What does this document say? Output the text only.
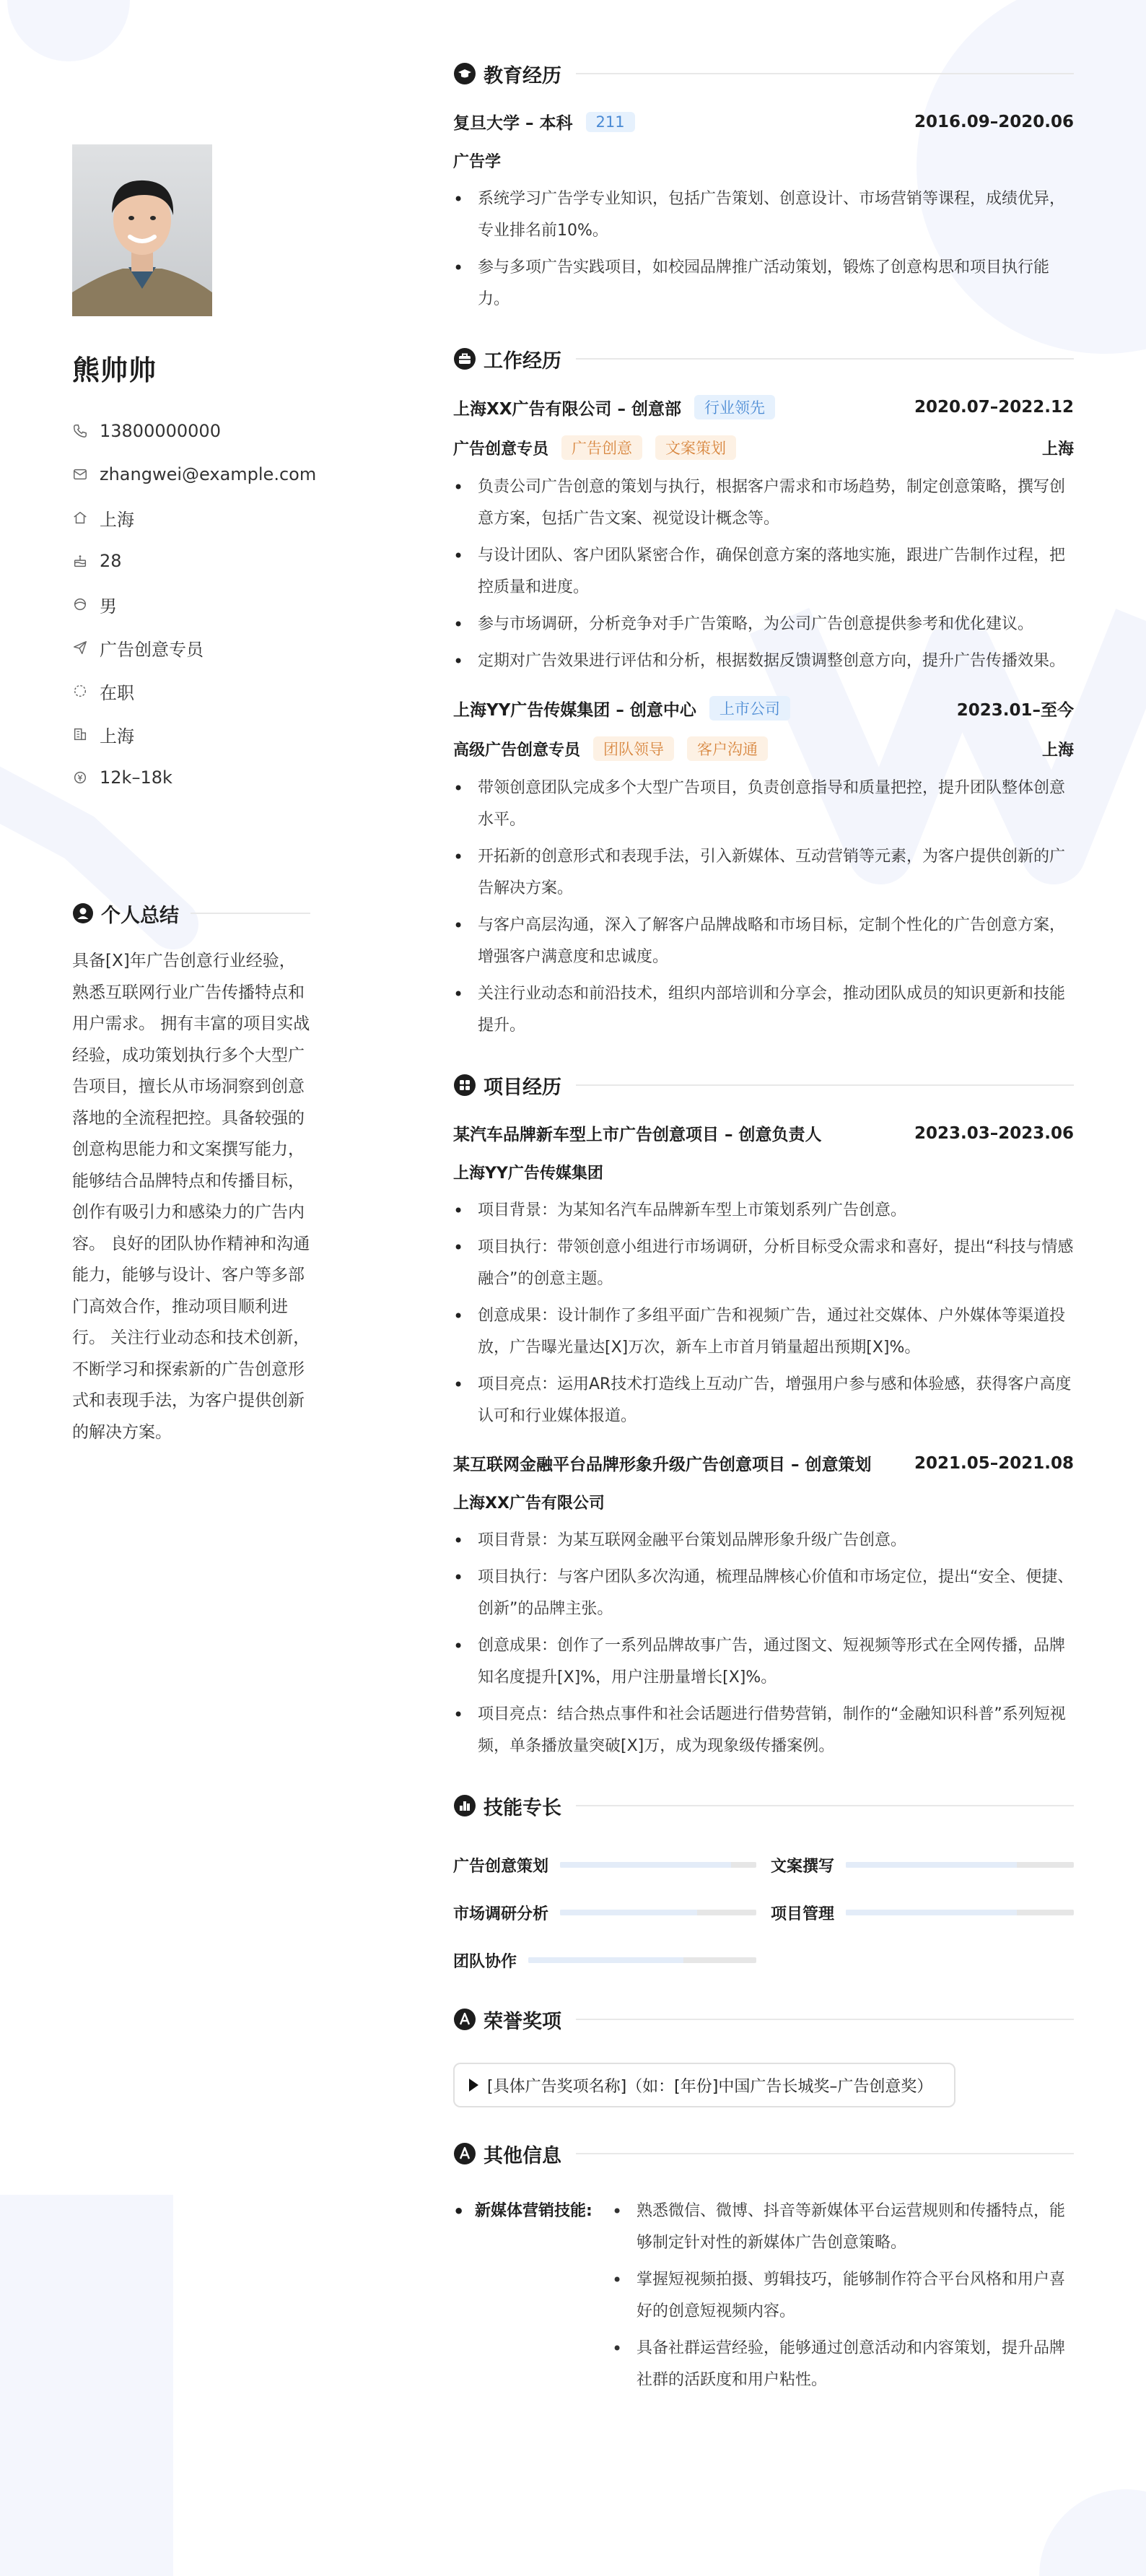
熊帅帅
13800000000
zhangwei@example.com
上海
28
男
广告创意专员
在职
上海
12k–18k
个人总结
具备[X]年广告创意行业经验，熟悉互联网行业广告传播特点和用户需求。 拥有丰富的项目实战经验，成功策划执行多个大型广告项目，擅长从市场洞察到创意落地的全流程把控。具备较强的创意构思能力和文案撰写能力，能够结合品牌特点和传播目标，创作有吸引力和感染力的广告内容。 良好的团队协作精神和沟通能力，能够与设计、客户等多部门高效合作，推动项目顺利进行。 关注行业动态和技术创新，不断学习和探索新的广告创意形式和表现手法，为客户提供创新的解决方案。
教育经历
复旦大学 – 本科	211	2016.09–2020.06
广告学
• 系统学习广告学专业知识，包括广告策划、创意设计、市场营销等课程，成绩优异，专业排名前10%。
• 参与多项广告实践项目，如校园品牌推广活动策划，锻炼了创意构思和项目执行能力。
工作经历
上海XX广告有限公司 – 创意部	行业领先	2020.07–2022.12
广告创意专员	广告创意	文案策划	上海
• 负责公司广告创意的策划与执行，根据客户需求和市场趋势，制定创意策略，撰写创意方案，包括广告文案、视觉设计概念等。
• 与设计团队、客户团队紧密合作，确保创意方案的落地实施，跟进广告制作过程，把控质量和进度。
• 参与市场调研，分析竞争对手广告策略，为公司广告创意提供参考和优化建议。
• 定期对广告效果进行评估和分析，根据数据反馈调整创意方向，提升广告传播效果。
上海YY广告传媒集团 – 创意中心	上市公司	2023.01–至今
高级广告创意专员	团队领导	客户沟通	上海
• 带领创意团队完成多个大型广告项目，负责创意指导和质量把控，提升团队整体创意水平。
• 开拓新的创意形式和表现手法，引入新媒体、互动营销等元素，为客户提供创新的广告解决方案。
• 与客户高层沟通，深入了解客户品牌战略和市场目标，定制个性化的广告创意方案，增强客户满意度和忠诚度。
• 关注行业动态和前沿技术，组织内部培训和分享会，推动团队成员的知识更新和技能提升。
项目经历
某汽车品牌新车型上市广告创意项目 – 创意负责人	2023.03–2023.06
上海YY广告传媒集团
• 项目背景：为某知名汽车品牌新车型上市策划系列广告创意。
• 项目执行：带领创意小组进行市场调研，分析目标受众需求和喜好，提出“科技与情感融合”的创意主题。
• 创意成果：设计制作了多组平面广告和视频广告，通过社交媒体、户外媒体等渠道投放，广告曝光量达[X]万次，新车上市首月销量超出预期[X]%。
• 项目亮点：运用AR技术打造线上互动广告，增强用户参与感和体验感，获得客户高度认可和行业媒体报道。
某互联网金融平台品牌形象升级广告创意项目 – 创意策划	2021.05–2021.08
上海XX广告有限公司
• 项目背景：为某互联网金融平台策划品牌形象升级广告创意。
• 项目执行：与客户团队多次沟通，梳理品牌核心价值和市场定位，提出“安全、便捷、创新”的品牌主张。
• 创意成果：创作了一系列品牌故事广告，通过图文、短视频等形式在全网传播，品牌知名度提升[X]%，用户注册量增长[X]%。
• 项目亮点：结合热点事件和社会话题进行借势营销，制作的“金融知识科普”系列短视频，单条播放量突破[X]万，成为现象级传播案例。
技能专长
广告创意策划	文案撰写
市场调研分析	项目管理
团队协作
荣誉奖项
[具体广告奖项名称]（如：[年份]中国广告长城奖–广告创意奖）
其他信息
• 新媒体营销技能:
•	熟悉微信、微博、抖音等新媒体平台运营规则和传播特点，能够制定针对性的新媒体广告创意策略。
• 掌握短视频拍摄、剪辑技巧，能够制作符合平台风格和用户喜好的创意短视频内容。
• 具备社群运营经验，能够通过创意活动和内容策划，提升品牌社群的活跃度和用户粘性。
